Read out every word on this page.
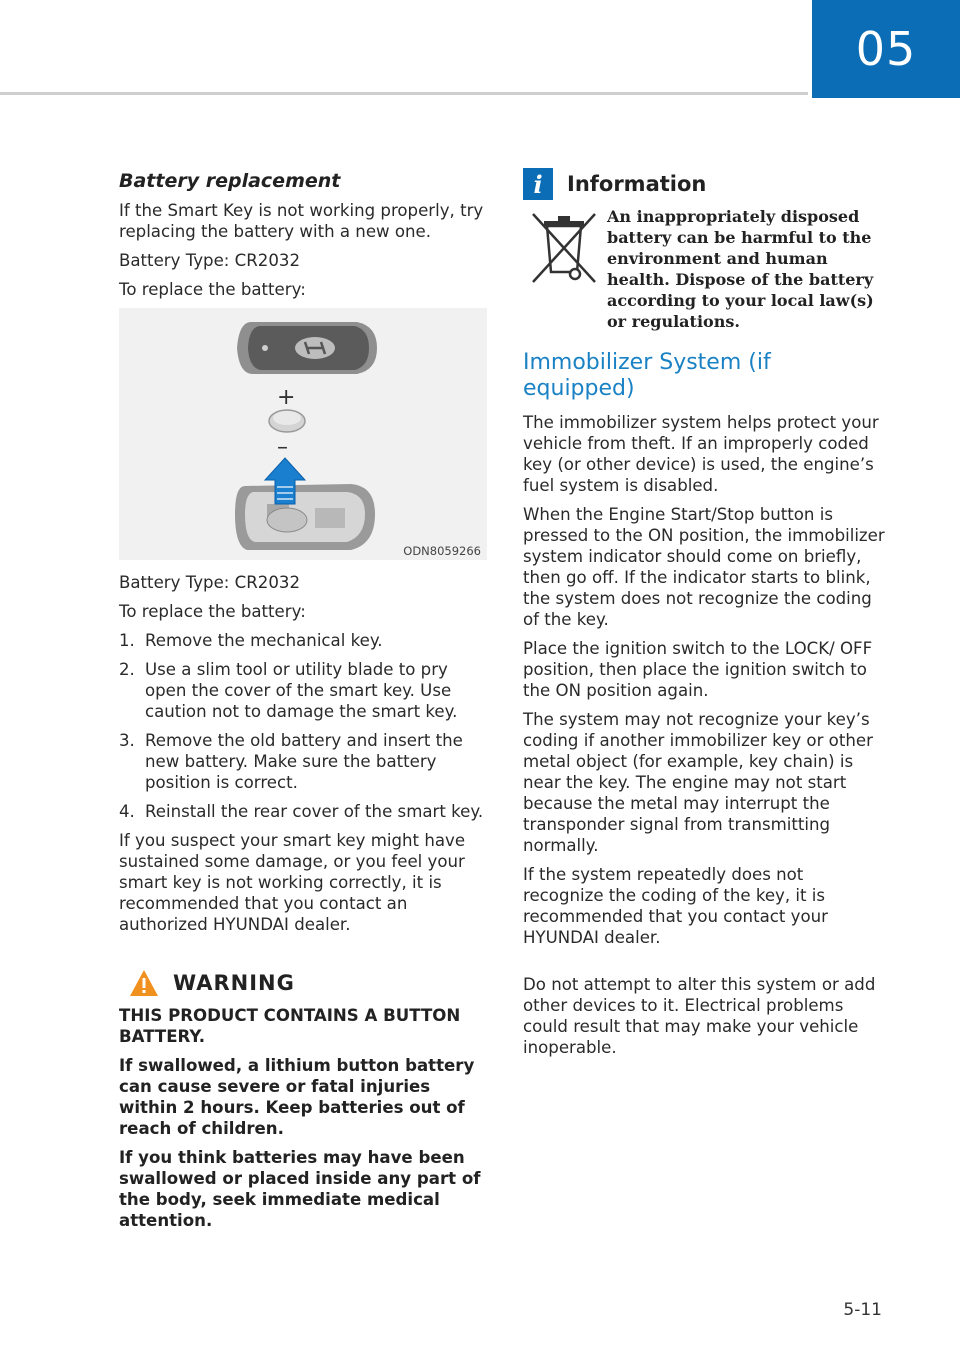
05
Battery replacement

If the Smart Key is not working properly, try replacing the battery with a new one.

Battery Type: CR2032

To replace the battery:

+
–
ODN8059266

Battery Type: CR2032

To replace the battery:

1. Remove the mechanical key.
2. Use a slim tool or utility blade to pry open the cover of the smart key. Use caution not to damage the smart key.
3. Remove the old battery and insert the new battery. Make sure the battery position is correct.
4. Reinstall the rear cover of the smart key.

If you suspect your smart key might have sustained some damage, or you feel your smart key is not working correctly, it is recommended that you contact an authorized HYUNDAI dealer.

WARNING
THIS PRODUCT CONTAINS A BUTTON BATTERY.
If swallowed, a lithium button battery can cause severe or fatal injuries within 2 hours. Keep batteries out of reach of children.
If you think batteries may have been swallowed or placed inside any part of the body, seek immediate medical attention.
i	Information
An inappropriately disposed battery can be harmful to the environment and human health. Dispose of the battery according to your local law(s) or regulations.
Immobilizer System (if equipped)

The immobilizer system helps protect your vehicle from theft. If an improperly coded key (or other device) is used, the engine’s fuel system is disabled.

When the Engine Start/Stop button is pressed to the ON position, the immobilizer system indicator should come on briefly, then go off. If the indicator starts to blink, the system does not recognize the coding of the key.

Place the ignition switch to the LOCK/ OFF position, then place the ignition switch to the ON position again.

The system may not recognize your key’s coding if another immobilizer key or other metal object (for example, key chain) is near the key. The engine may not start because the metal may interrupt the transponder signal from transmitting normally.

If the system repeatedly does not recognize the coding of the key, it is recommended that you contact your HYUNDAI dealer.

Do not attempt to alter this system or add other devices to it. Electrical problems could result that may make your vehicle inoperable.

5-11
